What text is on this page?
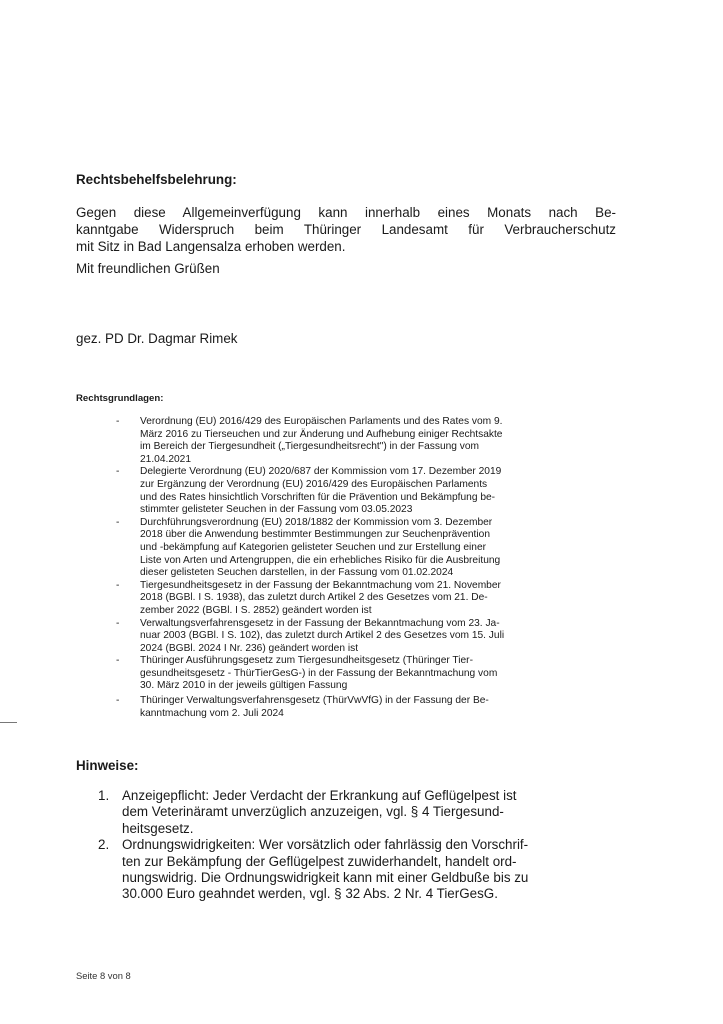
Rechtsbehelfsbelehrung:
Gegen diese Allgemeinverfügung kann innerhalb eines Monats nach Be-
kanntgabe Widerspruch beim Thüringer Landesamt für Verbraucherschutz
mit Sitz in Bad Langensalza erhoben werden.
Mit freundlichen Grüßen
gez. PD Dr. Dagmar Rimek
Rechtsgrundlagen:
- Verordnung (EU) 2016/429 des Europäischen Parlaments und des Rates vom 9.
März 2016 zu Tierseuchen und zur Änderung und Aufhebung einiger Rechtsakte
im Bereich der Tiergesundheit („Tiergesundheitsrecht") in der Fassung vom
21.04.2021
- Delegierte Verordnung (EU) 2020/687 der Kommission vom 17. Dezember 2019
zur Ergänzung der Verordnung (EU) 2016/429 des Europäischen Parlaments
und des Rates hinsichtlich Vorschriften für die Prävention und Bekämpfung be-
stimmter gelisteter Seuchen in der Fassung vom 03.05.2023
- Durchführungsverordnung (EU) 2018/1882 der Kommission vom 3. Dezember
2018 über die Anwendung bestimmter Bestimmungen zur Seuchenprävention
und -bekämpfung auf Kategorien gelisteter Seuchen und zur Erstellung einer
Liste von Arten und Artengruppen, die ein erhebliches Risiko für die Ausbreitung
dieser gelisteten Seuchen darstellen, in der Fassung vom 01.02.2024
- Tiergesundheitsgesetz in der Fassung der Bekanntmachung vom 21. November
2018 (BGBl. I S. 1938), das zuletzt durch Artikel 2 des Gesetzes vom 21. De-
zember 2022 (BGBl. I S. 2852) geändert worden ist
- Verwaltungsverfahrensgesetz in der Fassung der Bekanntmachung vom 23. Ja-
nuar 2003 (BGBl. I S. 102), das zuletzt durch Artikel 2 des Gesetzes vom 15. Juli
2024 (BGBl. 2024 I Nr. 236) geändert worden ist
- Thüringer Ausführungsgesetz zum Tiergesundheitsgesetz (Thüringer Tier-
gesundheitsgesetz - ThürTierGesG-) in der Fassung der Bekanntmachung vom
30. März 2010 in der jeweils gültigen Fassung
- Thüringer Verwaltungsverfahrensgesetz (ThürVwVfG) in der Fassung der Be-
kanntmachung vom 2. Juli 2024
Hinweise:
1. Anzeigepflicht: Jeder Verdacht der Erkrankung auf Geflügelpest ist
dem Veterinäramt unverzüglich anzuzeigen, vgl. § 4 Tiergesund-
heitsgesetz.
2. Ordnungswidrigkeiten: Wer vorsätzlich oder fahrlässig den Vorschrif-
ten zur Bekämpfung der Geflügelpest zuwiderhandelt, handelt ord-
nungswidrig. Die Ordnungswidrigkeit kann mit einer Geldbuße bis zu
30.000 Euro geahndet werden, vgl. § 32 Abs. 2 Nr. 4 TierGesG.
Seite 8 von 8
